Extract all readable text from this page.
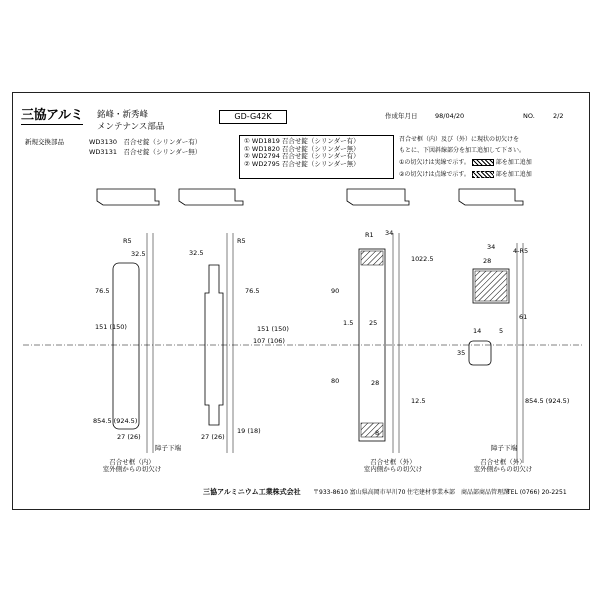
三協アルミ 銘峰・新秀峰
メンテナンス部品
GD-G42K	作成年月日	98/04/20	NO.	2/2
新規交換部品	WD3130　 召合せ錠（シリンダー有）
WD3131　 召合せ錠（シリンダー無）
① WD1819 召合せ錠（シリンダー有）
① WD1820 召合せ錠（シリンダー無）
② WD2794 召合せ錠（シリンダー有）
② WD2795 召合せ錠（シリンダー無）
召合せ框（内）及び（外）に現状の切欠けを
もとに、下図斜線部分を加工追加して下さい。
①の切欠けは実線で示す。	部を加工追加
②の切欠けは点線で示す。	部を加工追加
32.5
R5
76.5
151 (150)
854.5 (924.5)
27 (26)
32.5
R5
76.5
107 (106)
151 (150)
19 (18)
27 (26)
34
R1
10 22.5
90
80
1.5 25
28
12.5
8
34
28
4-R5
61
35
14	5
854.5 (924.5)
障子下端	障子下端
召合せ框（内）
室外側からの切欠け
召合せ框（外）
室内側からの切欠け
召合せ框（外）
室外側からの切欠け
三協アルミニウム工業株式会社 〒933-8610 富山県高岡市早川70 住宅建材事業本部　商品部商品管理課
TEL (0766) 20-2251
